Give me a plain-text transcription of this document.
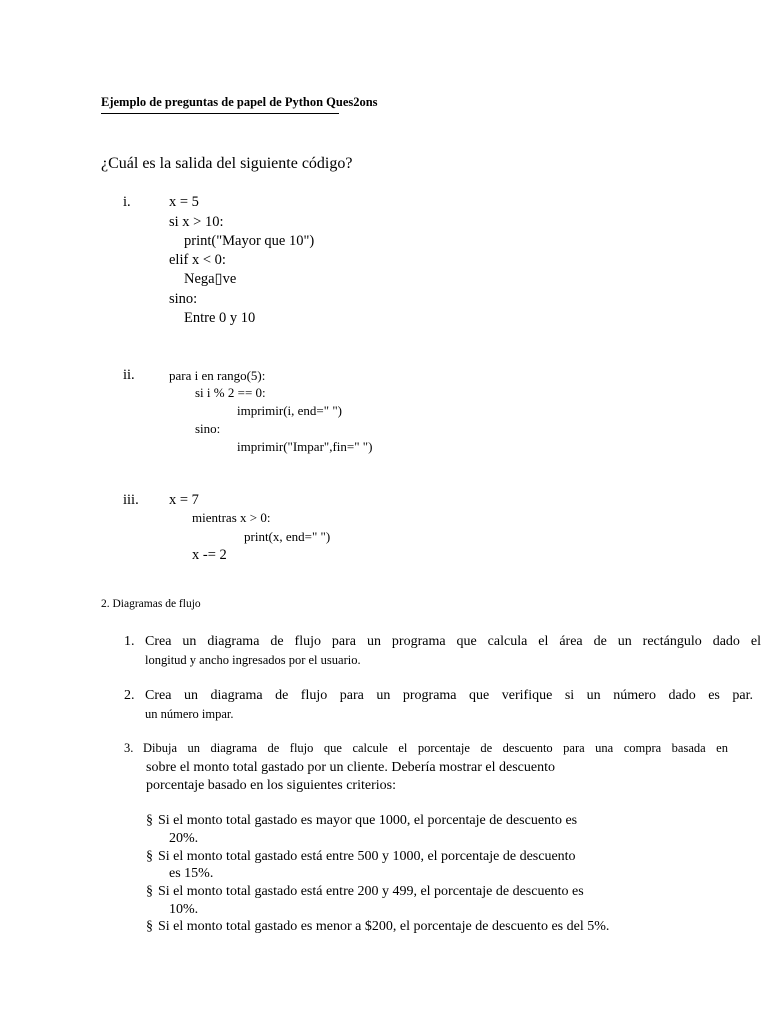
Ejemplo de preguntas de papel de Python Ques2ons
¿Cuál es la salida del siguiente código?
i.	x = 5
si x > 10:
print("Mayor que 10")
elif x < 0:
Nega▯ve
sino:
Entre 0 y 10
ii.	para i en rango(5):
si i % 2 == 0:
imprimir(i, end=" ")
sino:
imprimir("Impar",fin=" ")
iii. x = 7
mientras x > 0:
print(x, end=" ")
x -= 2
2. Diagramas de flujo
1. Crea un diagrama de flujo para un programa que calcula el área de un rectángulo dado el
longitud y ancho ingresados por el usuario.
2. Crea un diagrama de flujo para un programa que verifique si un número dado es par.
un número impar.
3. Dibuja un diagrama de flujo que calcule el porcentaje de descuento para una compra basada en
sobre el monto total gastado por un cliente. Debería mostrar el descuento
porcentaje basado en los siguientes criterios:
§ Si el monto total gastado es mayor que 1000, el porcentaje de descuento es
20%.
§ Si el monto total gastado está entre 500 y 1000, el porcentaje de descuento
es 15%.
§ Si el monto total gastado está entre 200 y 499, el porcentaje de descuento es
10%.
§ Si el monto total gastado es menor a $200, el porcentaje de descuento es del 5%.
